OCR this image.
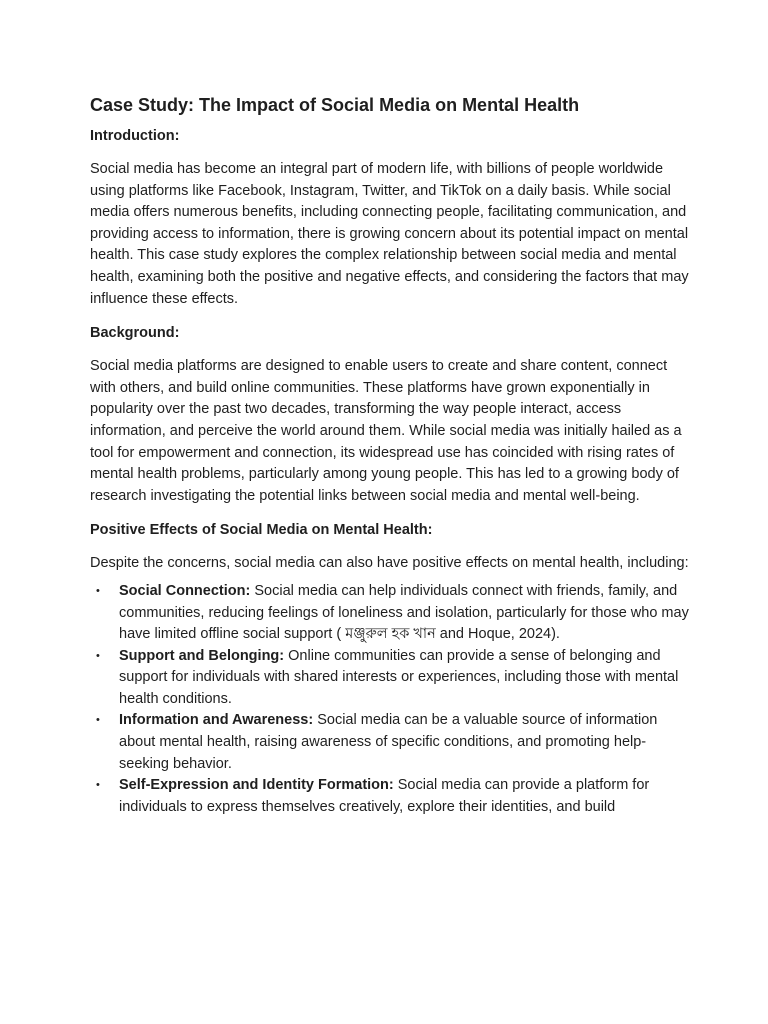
Case Study: The Impact of Social Media on Mental Health
Introduction:

Social media has become an integral part of modern life, with billions of people worldwide using platforms like Facebook, Instagram, Twitter, and TikTok on a daily basis. While social media offers numerous benefits, including connecting people, facilitating communication, and providing access to information, there is growing concern about its potential impact on mental health. This case study explores the complex relationship between social media and mental health, examining both the positive and negative effects, and considering the factors that may influence these effects.

Background:

Social media platforms are designed to enable users to create and share content, connect with others, and build online communities. These platforms have grown exponentially in popularity over the past two decades, transforming the way people interact, access information, and perceive the world around them. While social media was initially hailed as a tool for empowerment and connection, its widespread use has coincided with rising rates of mental health problems, particularly among young people. This has led to a growing body of research investigating the potential links between social media and mental well-being.

Positive Effects of Social Media on Mental Health:

Despite the concerns, social media can also have positive effects on mental health, including:

• Social Connection: Social media can help individuals connect with friends, family, and communities, reducing feelings of loneliness and isolation, particularly for those who may have limited offline social support ( মঞ্জুরুল হক খান and Hoque, 2024).
• Support and Belonging: Online communities can provide a sense of belonging and support for individuals with shared interests or experiences, including those with mental health conditions.
• Information and Awareness: Social media can be a valuable source of information about mental health, raising awareness of specific conditions, and promoting help-seeking behavior.
• Self-Expression and Identity Formation: Social media can provide a platform for individuals to express themselves creatively, explore their identities, and build
